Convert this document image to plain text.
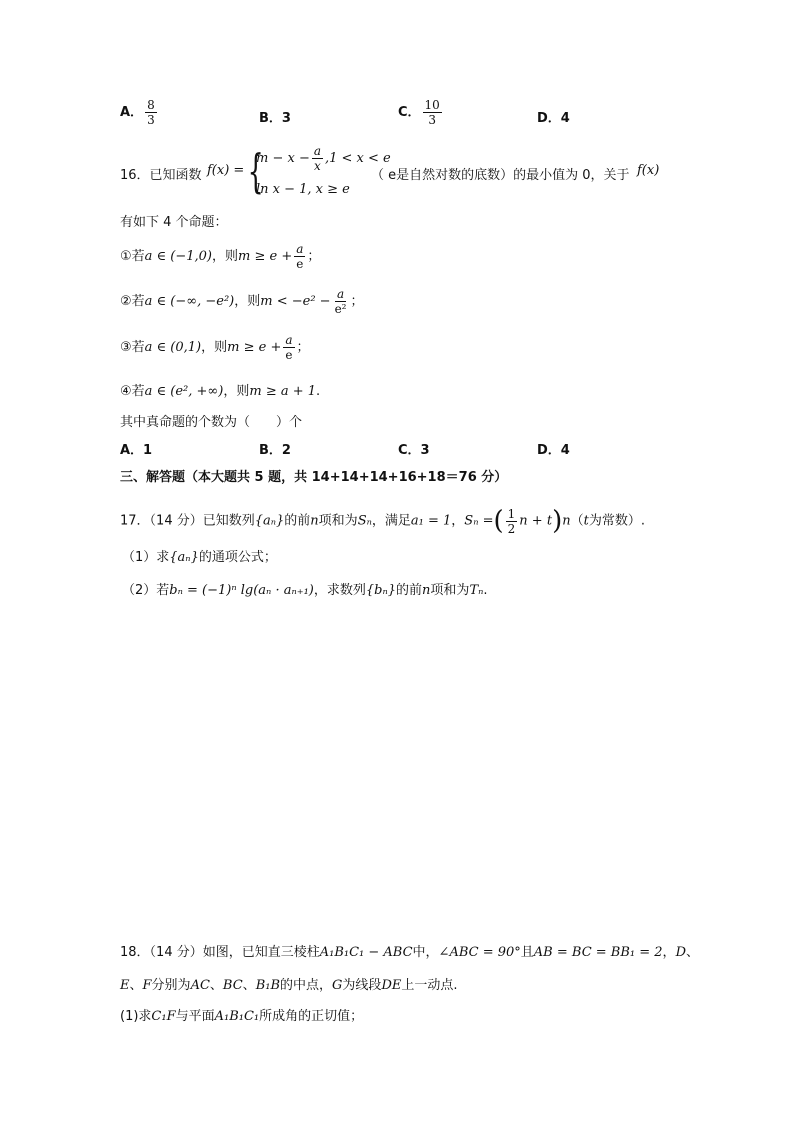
A． $\frac{8}{3}$	B．3	C． $\frac{10}{3}$	D．4
16．已知函数 f(x) = {
$m - x - \frac{a}{x} ,1 < x < e$
ln x − 1, x ≥ e
（ e是自然对数的底数）的最小值为 0，关于 f(x)
有如下 4 个命题：
①若a ∈ (−1,0)，则$m \ge e + \frac{a}{e}$ ；
②若a ∈ (−∞, −e²)，则$m < -e^2 - \frac{a}{\text{e²}}$ ；
③若a ∈ (0,1)，则$m \ge e + \frac{a}{e}$ ；
④若a ∈ (e², +∞)，则m ≥ a + 1.
其中真命题的个数为（　　）个
A．1	B．2	C．3	D．4
三、解答题（本大题共 5 题，共 14+14+14+16+18＝76 分）
17．（14 分）已知数列{aₙ}的前n项和为Sₙ，满足a₁ = 1，Sₙ =( $\frac{1}{2}$ n + t)n（t为常数）.
（1）求{aₙ}的通项公式；
（2）若bₙ = (−1)ⁿ lg(aₙ · aₙ₊₁)，求数列{bₙ}的前n项和为Tₙ.
18．（14 分）如图，已知直三棱柱A₁B₁C₁ − ABC中，∠ABC = 90°且AB = BC = BB₁ = 2，D、
E、F分别为AC、BC、B₁B的中点，G为线段DE上一动点.
(1)求C₁F与平面A₁B₁C₁所成角的正切值；
